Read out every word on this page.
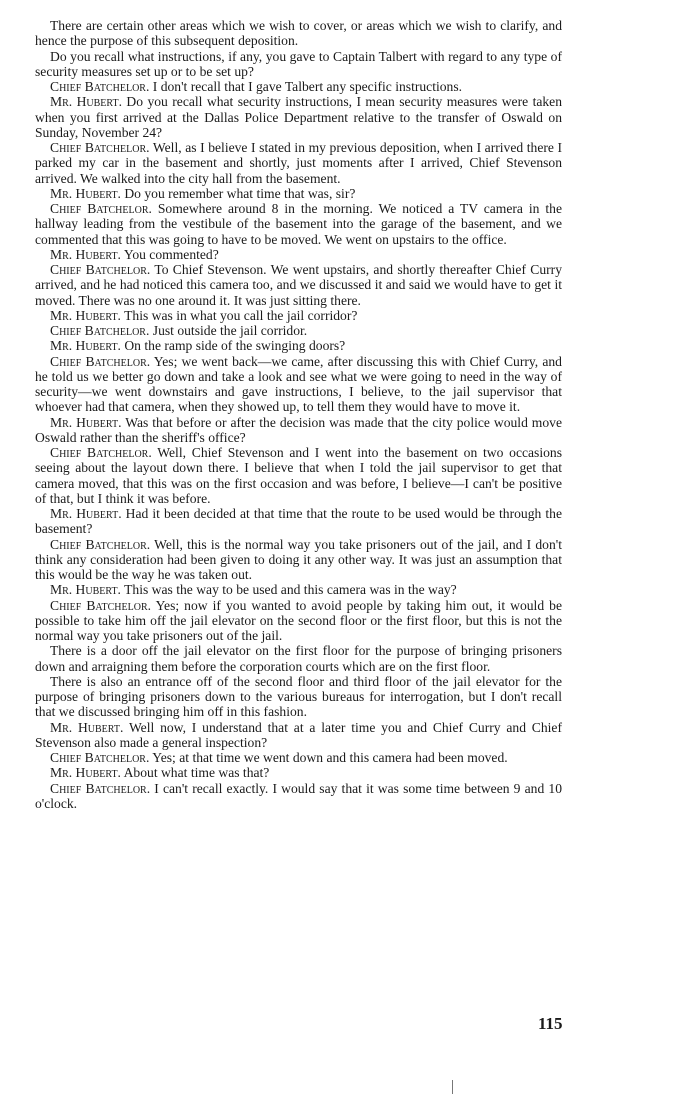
There are certain other areas which we wish to cover, or areas which we wish to clarify, and hence the purpose of this subsequent deposition.

Do you recall what instructions, if any, you gave to Captain Talbert with regard to any type of security measures set up or to be set up?

Chief Batchelor. I don't recall that I gave Talbert any specific instructions.

Mr. Hubert. Do you recall what security instructions, I mean security measures were taken when you first arrived at the Dallas Police Department relative to the transfer of Oswald on Sunday, November 24?

Chief Batchelor. Well, as I believe I stated in my previous deposition, when I arrived there I parked my car in the basement and shortly, just moments after I arrived, Chief Stevenson arrived. We walked into the city hall from the basement.

Mr. Hubert. Do you remember what time that was, sir?

Chief Batchelor. Somewhere around 8 in the morning. We noticed a TV camera in the hallway leading from the vestibule of the basement into the garage of the basement, and we commented that this was going to have to be moved. We went on upstairs to the office.

Mr. Hubert. You commented?

Chief Batchelor. To Chief Stevenson. We went upstairs, and shortly thereafter Chief Curry arrived, and he had noticed this camera too, and we discussed it and said we would have to get it moved. There was no one around it. It was just sitting there.

Mr. Hubert. This was in what you call the jail corridor?

Chief Batchelor. Just outside the jail corridor.

Mr. Hubert. On the ramp side of the swinging doors?

Chief Batchelor. Yes; we went back—we came, after discussing this with Chief Curry, and he told us we better go down and take a look and see what we were going to need in the way of security—we went downstairs and gave instructions, I believe, to the jail supervisor that whoever had that camera, when they showed up, to tell them they would have to move it.

Mr. Hubert. Was that before or after the decision was made that the city police would move Oswald rather than the sheriff's office?

Chief Batchelor. Well, Chief Stevenson and I went into the basement on two occasions seeing about the layout down there. I believe that when I told the jail supervisor to get that camera moved, that this was on the first occasion and was before, I believe—I can't be positive of that, but I think it was before.

Mr. Hubert. Had it been decided at that time that the route to be used would be through the basement?

Chief Batchelor. Well, this is the normal way you take prisoners out of the jail, and I don't think any consideration had been given to doing it any other way. It was just an assumption that this would be the way he was taken out.

Mr. Hubert. This was the way to be used and this camera was in the way?

Chief Batchelor. Yes; now if you wanted to avoid people by taking him out, it would be possible to take him off the jail elevator on the second floor or the first floor, but this is not the normal way you take prisoners out of the jail.

There is a door off the jail elevator on the first floor for the purpose of bringing prisoners down and arraigning them before the corporation courts which are on the first floor.

There is also an entrance off of the second floor and third floor of the jail elevator for the purpose of bringing prisoners down to the various bureaus for interrogation, but I don't recall that we discussed bringing him off in this fashion.

Mr. Hubert. Well now, I understand that at a later time you and Chief Curry and Chief Stevenson also made a general inspection?

Chief Batchelor. Yes; at that time we went down and this camera had been moved.

Mr. Hubert. About what time was that?

Chief Batchelor. I can't recall exactly. I would say that it was some time between 9 and 10 o'clock.

115
